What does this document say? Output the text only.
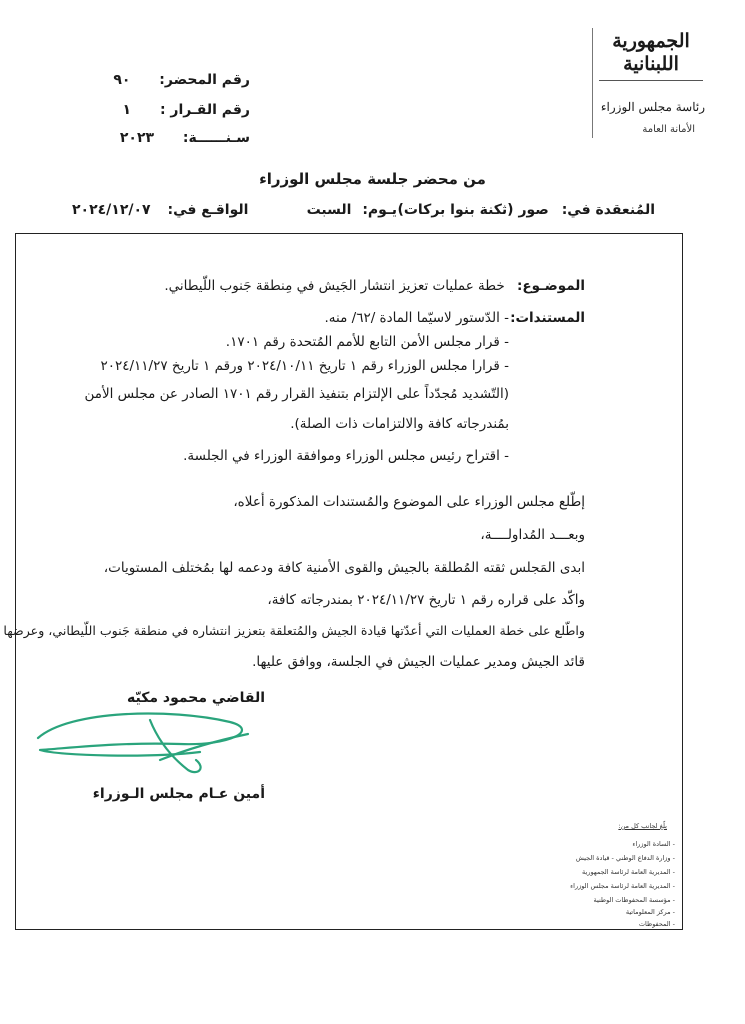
الجمهورية
اللبنانية
رئاسة مجلس الوزراء
الأمانة العامة
رقم المحضر: ٩٠
رقم القـرار : ١
سـنــــــة: ٢٠٢٣
من محضر جلسة مجلس الوزراء
المُنعقدة في: صور (ثكنة بنوا بركات)
يـوم: السبت
الواقـع في: ٢٠٢٤/١٢/٠٧
الموضـوع: خطة عمليات تعزيز انتشار الجَيش في مِنطقة جَنوب اللّيطاني.
المستندات:
- الدّستور لاسيّما المادة /٦٢/ منه.
- قرار مجلس الأمن التابع للأمم المُتحدة رقم ١٧٠١.
- قرارا مجلس الوزراء رقم ١ تاريخ ٢٠٢٤/١٠/١١ ورقم ١ تاريخ ٢٠٢٤/١١/٢٧
(التّشديد مُجدّداً على الإلتزام بتنفيذ القرار رقم ١٧٠١ الصادر عن مجلس الأمن
بمُندرجاته كافة والالتزامات ذات الصلة).
- اقتراح رئيس مجلس الوزراء وموافقة الوزراء في الجلسة.
إطّلع مجلس الوزراء على الموضوع والمُستندات المذكورة أعلاه،
وبعـــد المُداولــــة،
ابدى المَجلس ثقته المُطلقة بالجيش والقوى الأمنية كافة ودعمه لها بمُختلف المستويات،
واكّد على قراره رقم ١ تاريخ ٢٠٢٤/١١/٢٧ بمندرجاته كافة،
واطّلع على خطة العمليات التي أعدّتها قيادة الجيش والمُتعلقة بتعزيز انتشاره في منطقة جَنوب اللّيطاني، وعرضها
قائد الجيش ومدير عمليات الجيش في الجلسة، ووافق عليها.
القاضي محمود مكيّه
أمين عـام مجلس الـوزراء
بلّغ لجانب كل من:
- السادة الوزراء
- وزارة الدفاع الوطني - قيادة الجيش
- المديرية العامة لرئاسة الجمهورية
- المديرية العامة لرئاسة مجلس الوزراء
- مؤسسة المحفوظات الوطنية
- مركز المعلوماتية
- المحفوظات
